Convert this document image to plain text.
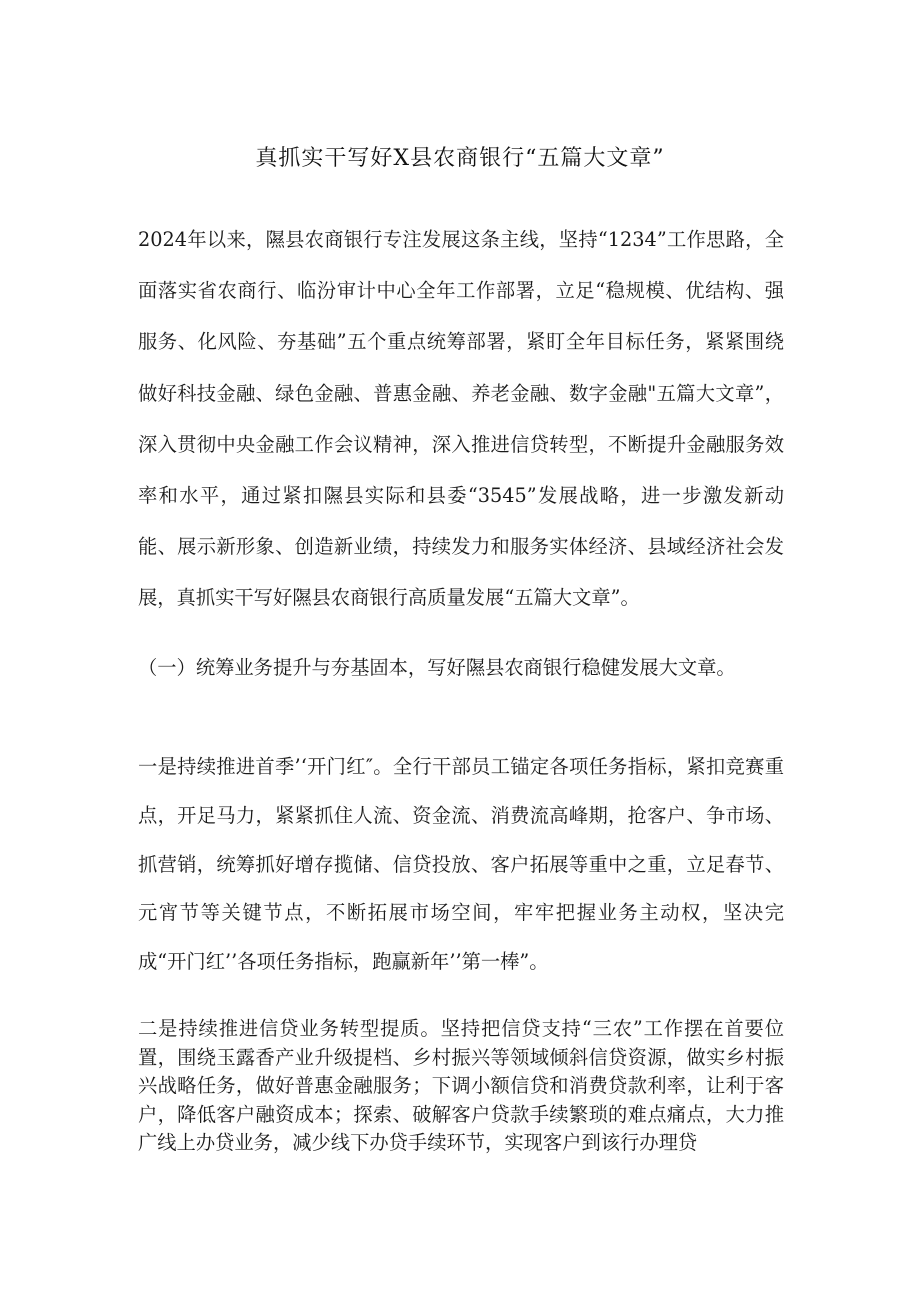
真抓实干写好X县农商银行“五篇大文章”

2024年以来，隰县农商银行专注发展这条主线，坚持“1234”工作思路，全面落实省农商行、临汾审计中心全年工作部署，立足“稳规模、优结构、强服务、化风险、夯基础”五个重点统筹部署，紧盯全年目标任务，紧紧围绕做好科技金融、绿色金融、普惠金融、养老金融、数字金融"五篇大文章”，深入贯彻中央金融工作会议精神，深入推进信贷转型，不断提升金融服务效率和水平，通过紧扣隰县实际和县委“3545”发展战略，进一步激发新动能、展示新形象、创造新业绩，持续发力和服务实体经济、县域经济社会发展，真抓实干写好隰县农商银行高质量发展“五篇大文章”。

（一）统筹业务提升与夯基固本，写好隰县农商银行稳健发展大文章。

一是持续推进首季’‘开门红″。全行干部员工锚定各项任务指标，紧扣竞赛重点，开足马力，紧紧抓住人流、资金流、消费流高峰期，抢客户、争市场、抓营销，统筹抓好增存揽储、信贷投放、客户拓展等重中之重，立足春节、元宵节等关键节点，不断拓展市场空间，牢牢把握业务主动权，坚决完成“开门红’’各项任务指标，跑赢新年’’第一棒”。

二是持续推进信贷业务转型提质。坚持把信贷支持“三农”工作摆在首要位置，围绕玉露香产业升级提档、乡村振兴等领域倾斜信贷资源，做实乡村振兴战略任务，做好普惠金融服务；下调小额信贷和消费贷款利率，让利于客户，降低客户融资成本；探索、破解客户贷款手续繁琐的难点痛点，大力推广线上办贷业务，减少线下办贷手续环节，实现客户到该行办理贷
